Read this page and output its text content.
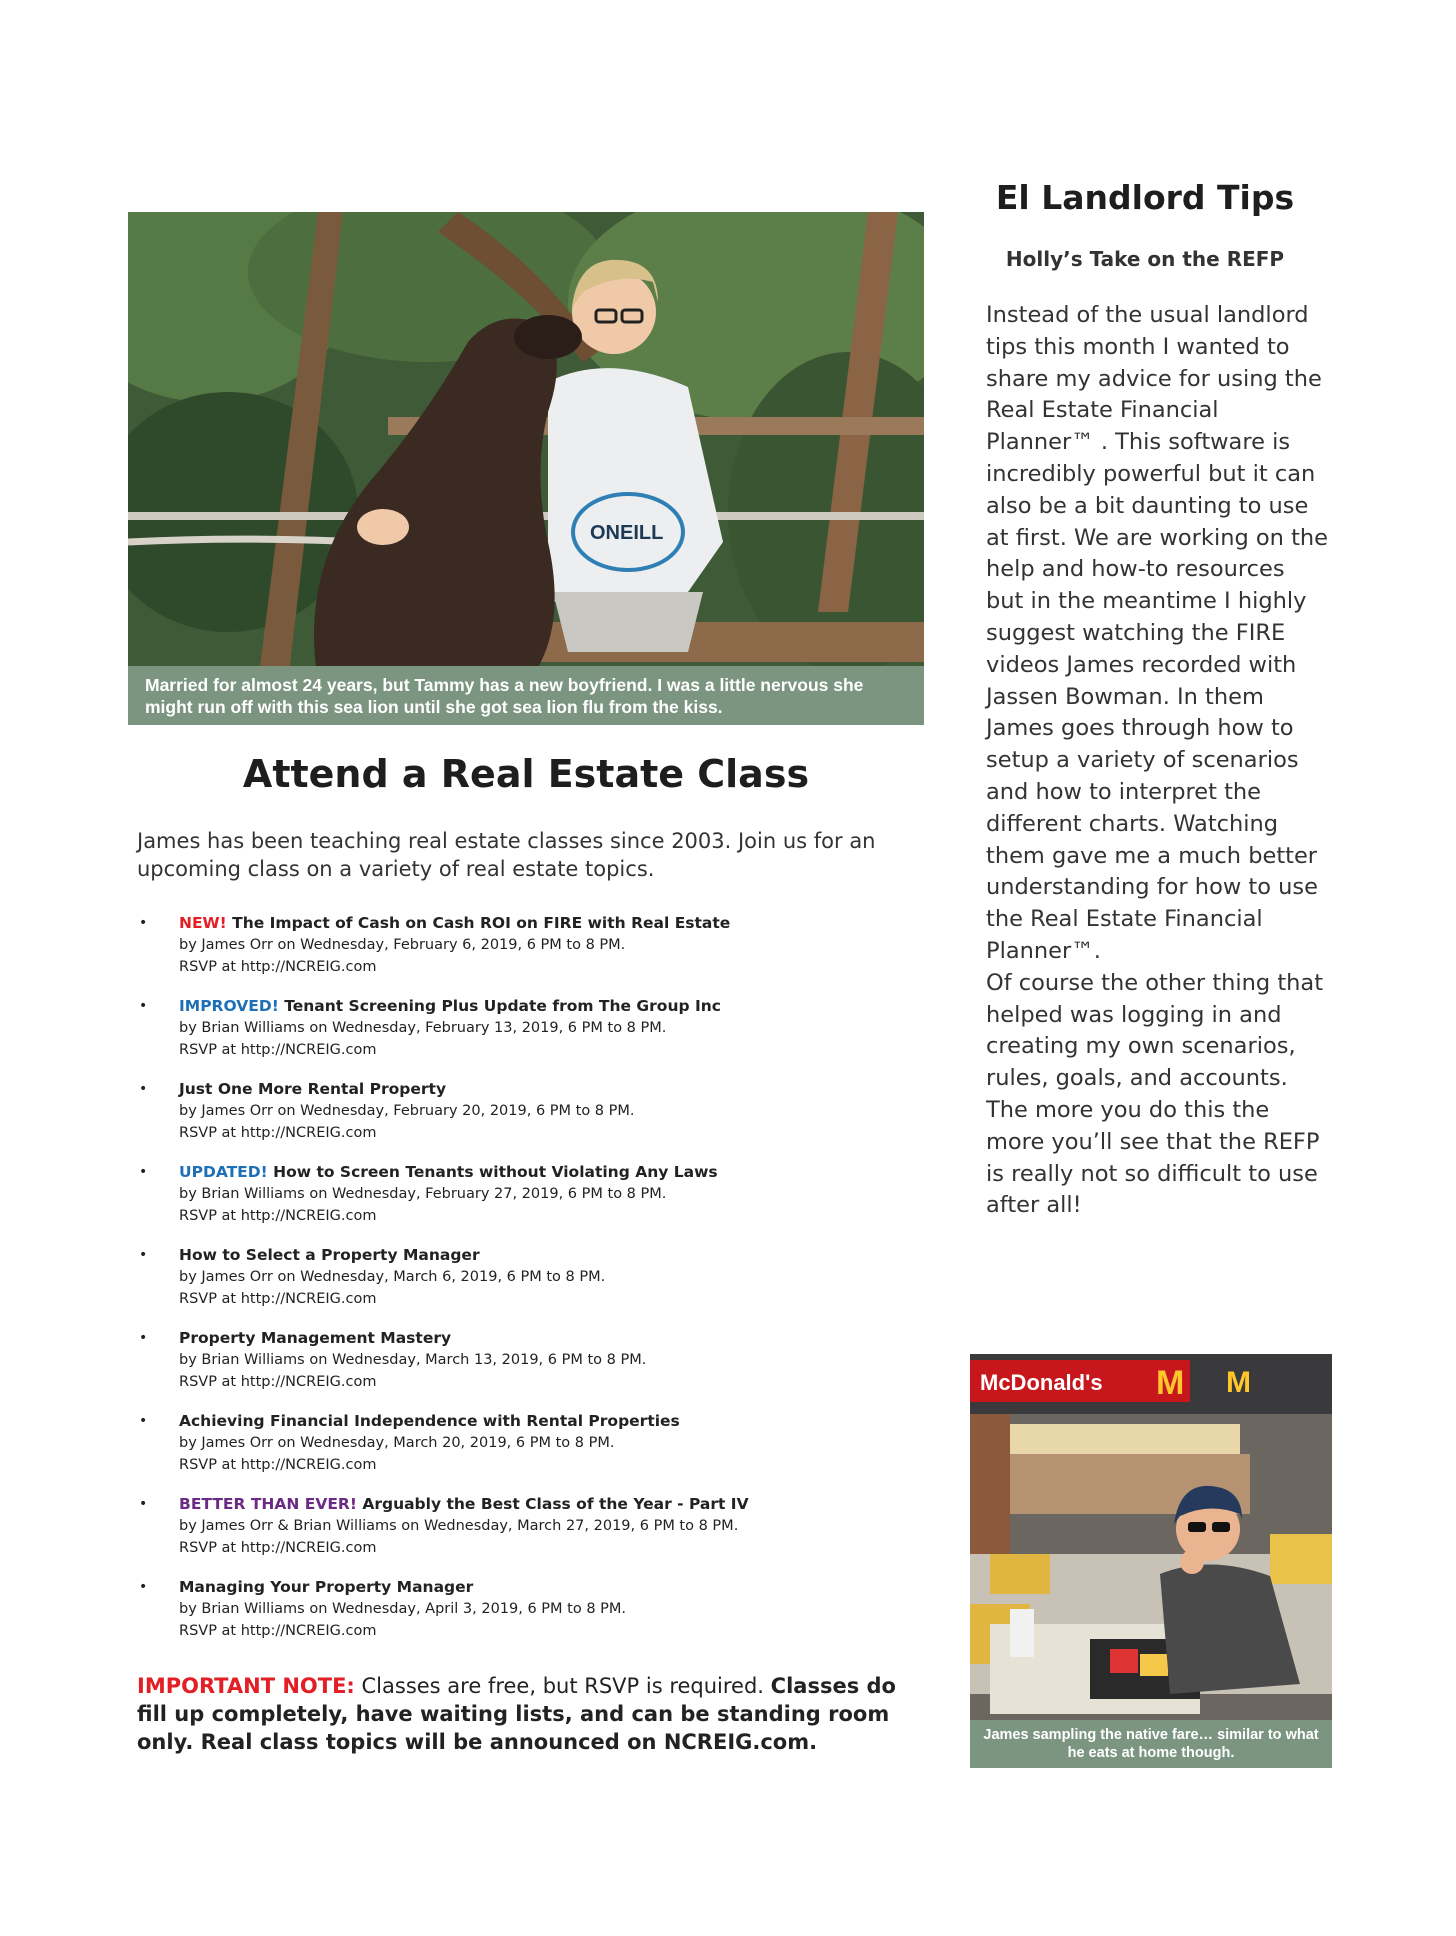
ONEILL
Married for almost 24 years, but Tammy has a new boyfriend. I was a little nervous she might run off with this sea lion until she got sea lion flu from the kiss.
Attend a Real Estate Class
James has been teaching real estate classes since 2003. Join us for an upcoming class on a variety of real estate topics.
• NEW! The Impact of Cash on Cash ROI on FIRE with Real Estate
by James Orr on Wednesday, February 6, 2019, 6 PM to 8 PM.
RSVP at http://NCREIG.com
• IMPROVED! Tenant Screening Plus Update from The Group Inc
by Brian Williams on Wednesday, February 13, 2019, 6 PM to 8 PM.
RSVP at http://NCREIG.com
• Just One More Rental Property
by James Orr on Wednesday, February 20, 2019, 6 PM to 8 PM.
RSVP at http://NCREIG.com
• UPDATED! How to Screen Tenants without Violating Any Laws
by Brian Williams on Wednesday, February 27, 2019, 6 PM to 8 PM.
RSVP at http://NCREIG.com
• How to Select a Property Manager
by James Orr on Wednesday, March 6, 2019, 6 PM to 8 PM.
RSVP at http://NCREIG.com
• Property Management Mastery
by Brian Williams on Wednesday, March 13, 2019, 6 PM to 8 PM.
RSVP at http://NCREIG.com
• Achieving Financial Independence with Rental Properties
by James Orr on Wednesday, March 20, 2019, 6 PM to 8 PM.
RSVP at http://NCREIG.com
• BETTER THAN EVER! Arguably the Best Class of the Year - Part IV
by James Orr & Brian Williams on Wednesday, March 27, 2019, 6 PM to 8 PM.
RSVP at http://NCREIG.com
• Managing Your Property Manager
by Brian Williams on Wednesday, April 3, 2019, 6 PM to 8 PM.
RSVP at http://NCREIG.com
IMPORTANT NOTE: Classes are free, but RSVP is required. Classes do fill up completely, have waiting lists, and can be standing room only. Real class topics will be announced on NCREIG.com.
El Landlord Tips
Holly’s Take on the REFP

Instead of the usual landlord tips this month I wanted to share my advice for using the Real Estate Financial Planner™ . This software is incredibly powerful but it can also be a bit daunting to use at first. We are working on the help and how-to resources but in the meantime I highly suggest watching the FIRE videos James recorded with Jassen Bowman. In them James goes through how to setup a variety of scenarios and how to interpret the different charts. Watching them gave me a much better understanding for how to use the Real Estate Financial Planner™.

Of course the other thing that helped was logging in and creating my own scenarios, rules, goals, and accounts. The more you do this the more you’ll see that the REFP is really not so difficult to use after all!

McDonald's M M
James sampling the native fare… similar to what he eats at home though.
